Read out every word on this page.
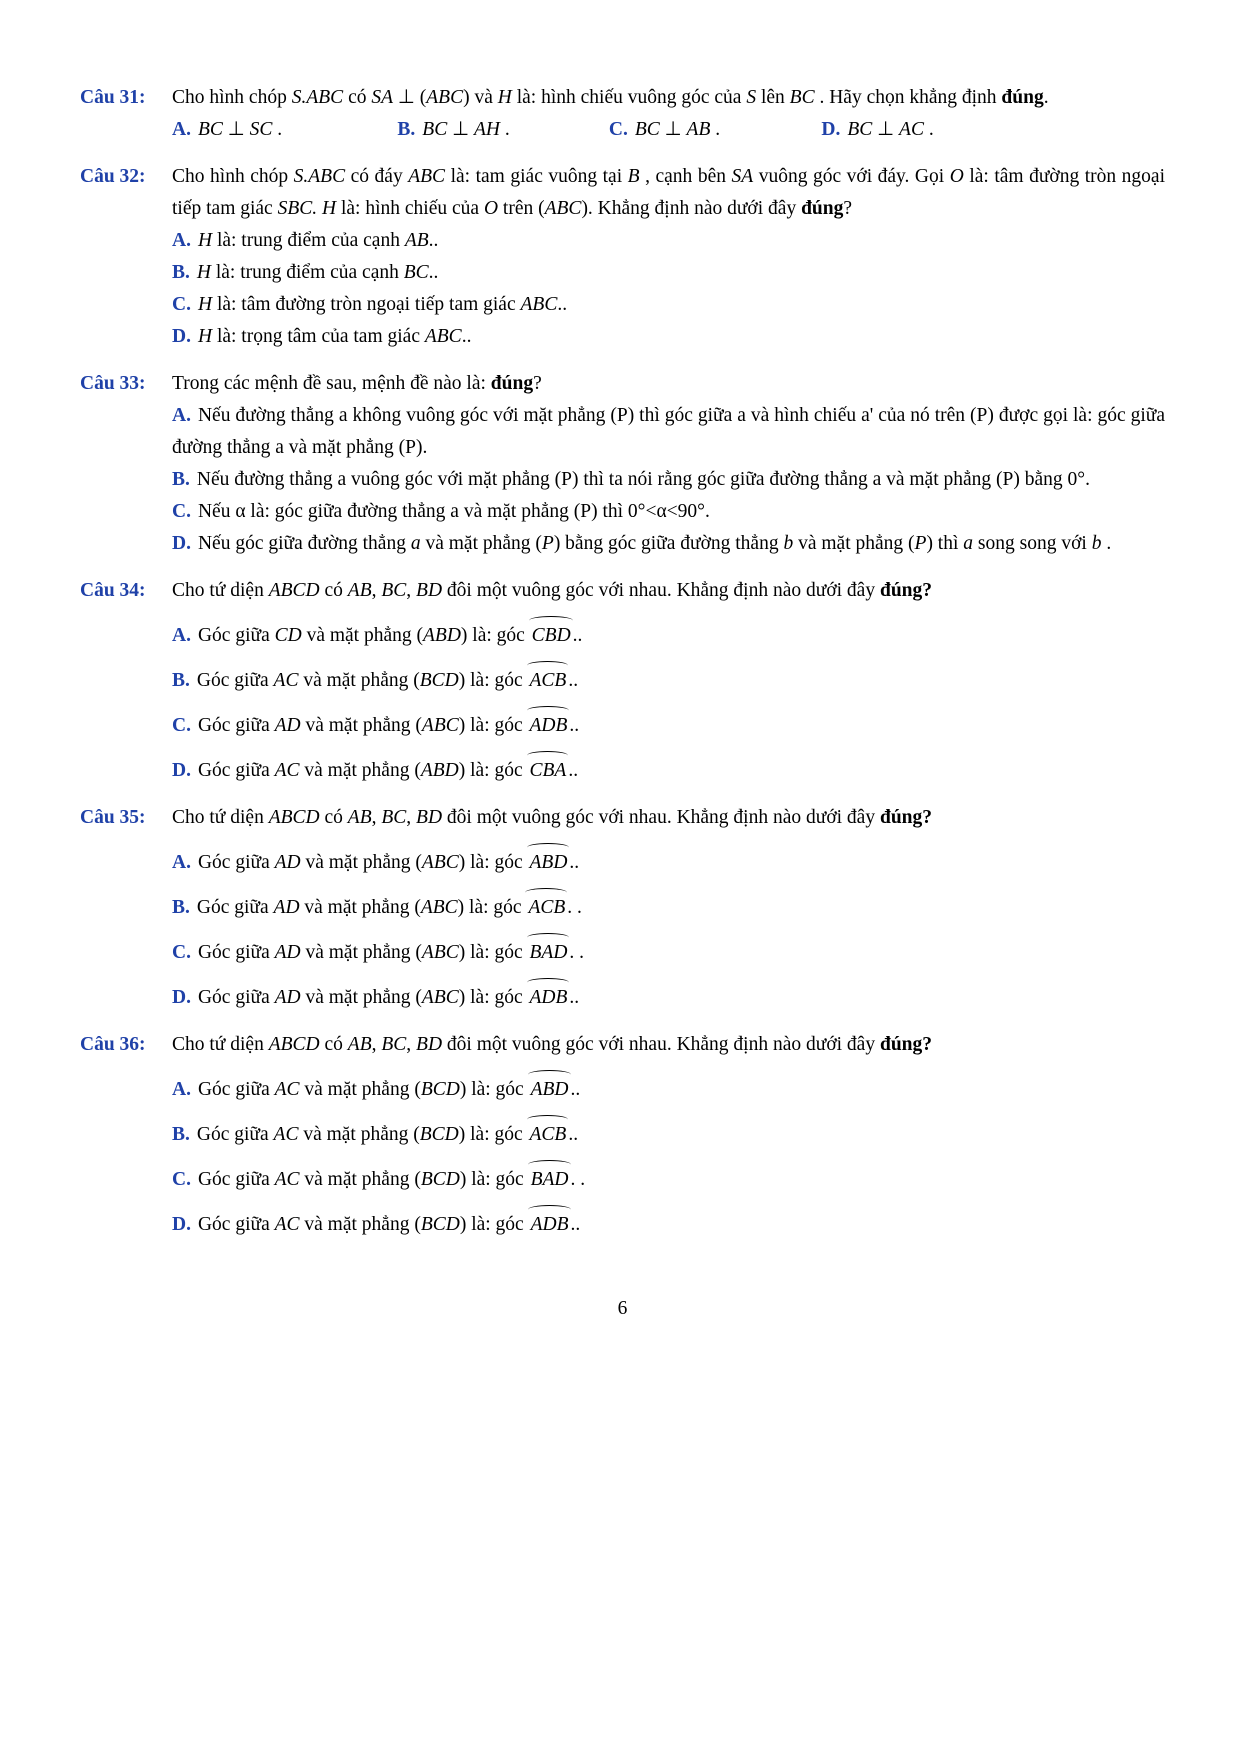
Câu 31:	Cho hình chóp S.ABC có SA ⊥ (ABC) và H là: hình chiếu vuông góc của S lên BC . Hãy chọn khẳng định đúng.

A. BC ⊥ SC .	B. BC ⊥ AH .	C. BC ⊥ AB .	D. BC ⊥ AC .
Câu 32:	Cho hình chóp S.ABC có đáy ABC là: tam giác vuông tại B , cạnh bên SA vuông góc với đáy. Gọi O là: tâm đường tròn ngoại tiếp tam giác SBC. H là: hình chiếu của O trên (ABC). Khẳng định nào dưới đây đúng?

A. H là: trung điểm của cạnh AB..
B. H là: trung điểm của cạnh BC..
C. H là: tâm đường tròn ngoại tiếp tam giác ABC..
D. H là: trọng tâm của tam giác ABC..
Câu 33:	Trong các mệnh đề sau, mệnh đề nào là: đúng?

A. Nếu đường thẳng a không vuông góc với mặt phẳng (P) thì góc giữa a và hình chiếu a' của nó trên (P) được gọi là: góc giữa đường thẳng a và mặt phẳng (P).
B. Nếu đường thẳng a vuông góc với mặt phẳng (P) thì ta nói rằng góc giữa đường thẳng a và mặt phẳng (P) bằng 0°.
C. Nếu α là: góc giữa đường thẳng a và mặt phẳng (P) thì 0°<α<90°.
D. Nếu góc giữa đường thẳng a và mặt phẳng (P) bằng góc giữa đường thẳng b và mặt phẳng (P) thì a song song với b .
Câu 34:	Cho tứ diện ABCD có AB, BC, BD đôi một vuông góc với nhau. Khẳng định nào dưới đây đúng?

A. Góc giữa CD và mặt phẳng (ABD) là: góc CBD ..
B. Góc giữa AC và mặt phẳng (BCD) là: góc ACB ..
C. Góc giữa AD và mặt phẳng (ABC) là: góc ADB ..
D. Góc giữa AC và mặt phẳng (ABD) là: góc CBA ..
Câu 35:	Cho tứ diện ABCD có AB, BC, BD đôi một vuông góc với nhau. Khẳng định nào dưới đây đúng?

A. Góc giữa AD và mặt phẳng (ABC) là: góc ABD ..
B. Góc giữa AD và mặt phẳng (ABC) là: góc ACB . .
C. Góc giữa AD và mặt phẳng (ABC) là: góc BAD . .
D. Góc giữa AD và mặt phẳng (ABC) là: góc ADB ..
Câu 36:	Cho tứ diện ABCD có AB, BC, BD đôi một vuông góc với nhau. Khẳng định nào dưới đây đúng?

A. Góc giữa AC và mặt phẳng (BCD) là: góc ABD ..
B. Góc giữa AC và mặt phẳng (BCD) là: góc ACB ..
C. Góc giữa AC và mặt phẳng (BCD) là: góc BAD . .
D. Góc giữa AC và mặt phẳng (BCD) là: góc ADB ..
6
